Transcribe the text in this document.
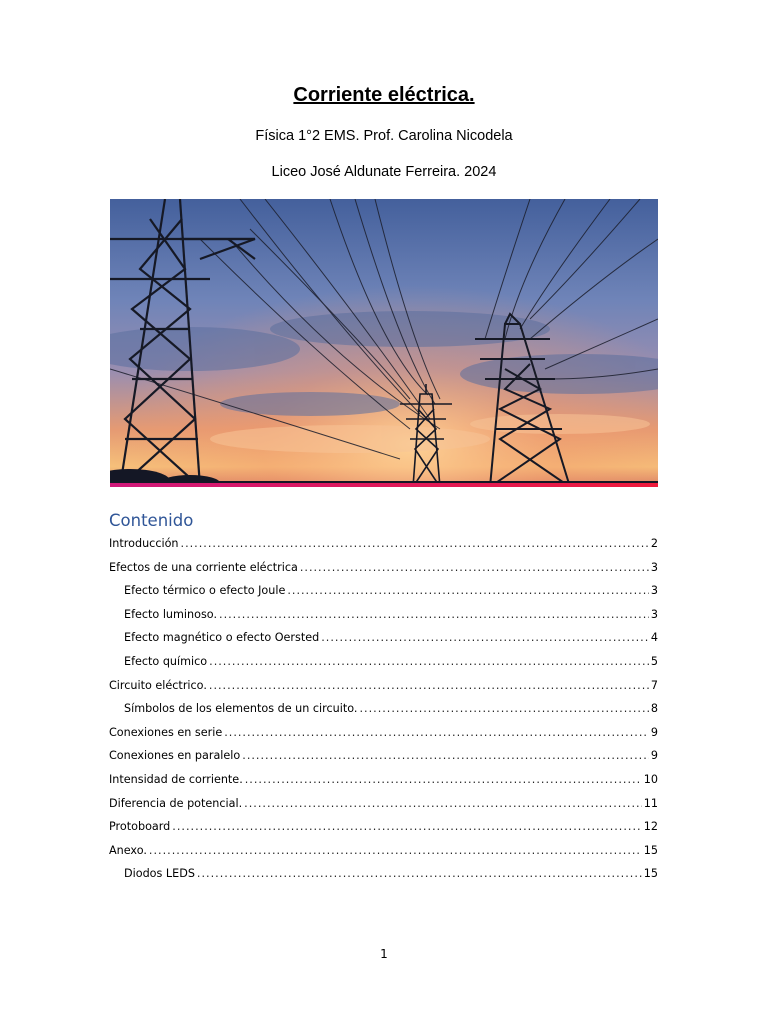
Corriente eléctrica.
Física 1°2 EMS. Prof. Carolina Nicodela
Liceo José Aldunate Ferreira. 2024
Contenido
Introducción .....	2
Efectos de una corriente eléctrica .....	3
Efecto térmico o efecto Joule .....	3
Efecto luminoso. .....	3
Efecto magnético o efecto Oersted .....	4
Efecto químico .....	5
Circuito eléctrico. .....	7
Símbolos de los elementos de un circuito. .....	8
Conexiones en serie .....	9
Conexiones en paralelo .....	9
Intensidad de corriente. .....	10
Diferencia de potencial. .....	11
Protoboard .....	12
Anexo. .....	15
Diodos LEDS .....	15
1
